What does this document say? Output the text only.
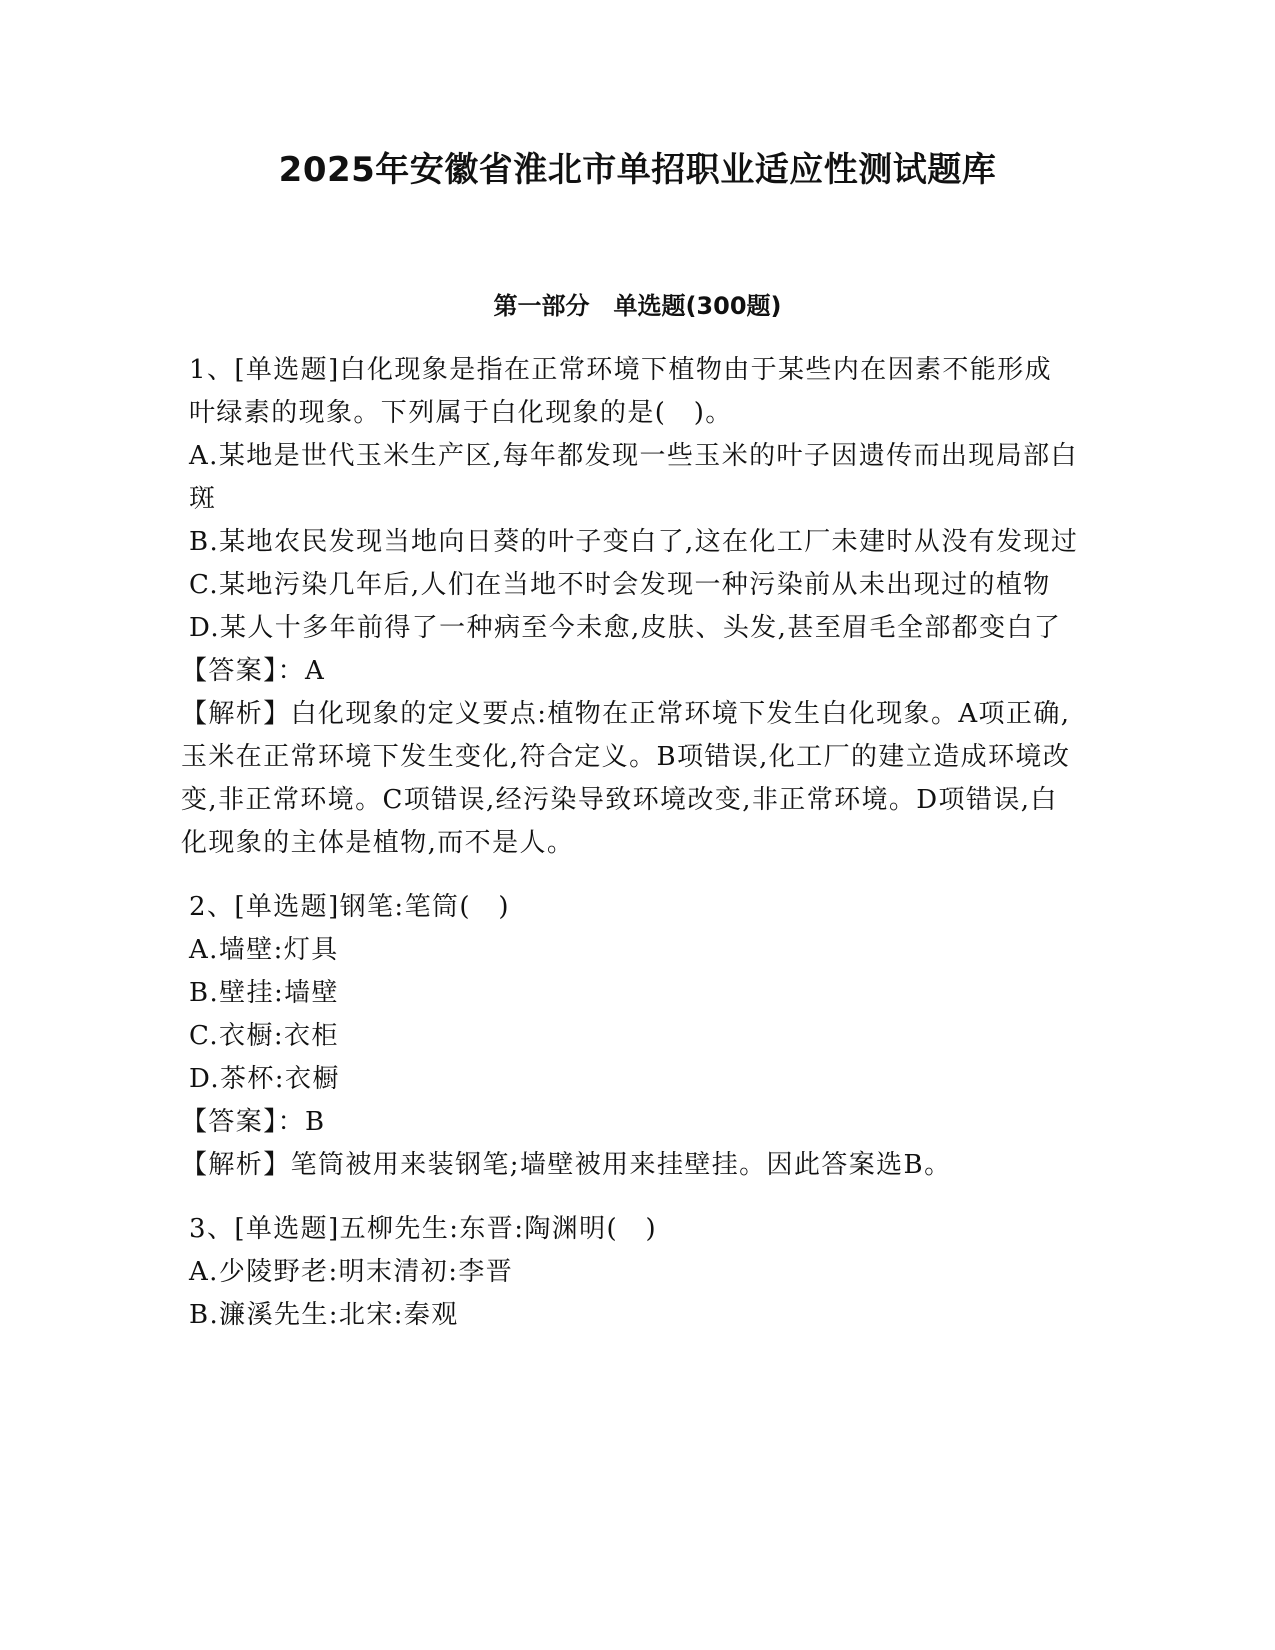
2025年安徽省淮北市单招职业适应性测试题库
第一部分　单选题(300题)

1、[单选题]白化现象是指在正常环境下植物由于某些内在因素不能形成叶绿素的现象。下列属于白化现象的是(　)。

A.某地是世代玉米生产区,每年都发现一些玉米的叶子因遗传而出现局部白斑

B.某地农民发现当地向日葵的叶子变白了,这在化工厂未建时从没有发现过

C.某地污染几年后,人们在当地不时会发现一种污染前从未出现过的植物

D.某人十多年前得了一种病至今未愈,皮肤、头发,甚至眉毛全部都变白了

【答案】：A

【解析】白化现象的定义要点:植物在正常环境下发生白化现象。A项正确,玉米在正常环境下发生变化,符合定义。B项错误,化工厂的建立造成环境改变,非正常环境。C项错误,经污染导致环境改变,非正常环境。D项错误,白化现象的主体是植物,而不是人。

2、[单选题]钢笔:笔筒(　)

A.墙壁:灯具

B.壁挂:墙壁

C.衣橱:衣柜

D.茶杯:衣橱

【答案】：B

【解析】笔筒被用来装钢笔;墙壁被用来挂壁挂。因此答案选B。

3、[单选题]五柳先生:东晋:陶渊明(　)

A.少陵野老:明末清初:李晋

B.濂溪先生:北宋:秦观
